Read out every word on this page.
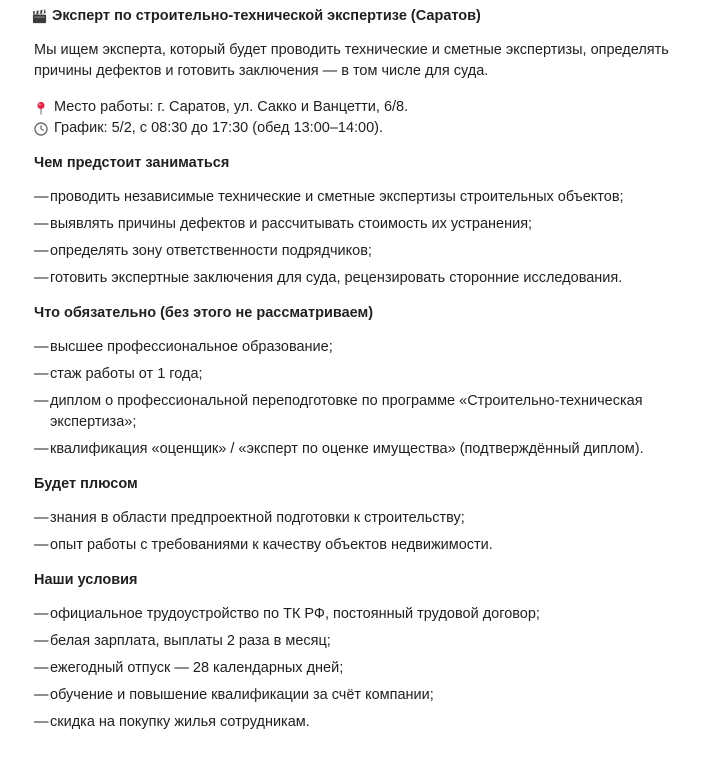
Эксперт по строительно-технической экспертизе (Саратов)

Мы ищем эксперта, который будет проводить технические и сметные экспертизы, определять причины дефектов и готовить заключения — в том числе для суда.

Место работы: г. Саратов, ул. Сакко и Ванцетти, 6/8.
График: 5/2, с 08:30 до 17:30 (обед 13:00–14:00).
Чем предстоит заниматься
— проводить независимые технические и сметные экспертизы строительных объектов;
— выявлять причины дефектов и рассчитывать стоимость их устранения;
— определять зону ответственности подрядчиков;
— готовить экспертные заключения для суда, рецензировать сторонние исследования.
Что обязательно (без этого не рассматриваем)
— высшее профессиональное образование;
— стаж работы от 1 года;
— диплом о профессиональной переподготовке по программе «Строительно-техническая экспертиза»;
— квалификация «оценщик» / «эксперт по оценке имущества» (подтверждённый диплом).
Будет плюсом
— знания в области предпроектной подготовки к строительству;
— опыт работы с требованиями к качеству объектов недвижимости.
Наши условия
— официальное трудоустройство по ТК РФ, постоянный трудовой договор;
— белая зарплата, выплаты 2 раза в месяц;
— ежегодный отпуск — 28 календарных дней;
— обучение и повышение квалификации за счёт компании;
— скидка на покупку жилья сотрудникам.
